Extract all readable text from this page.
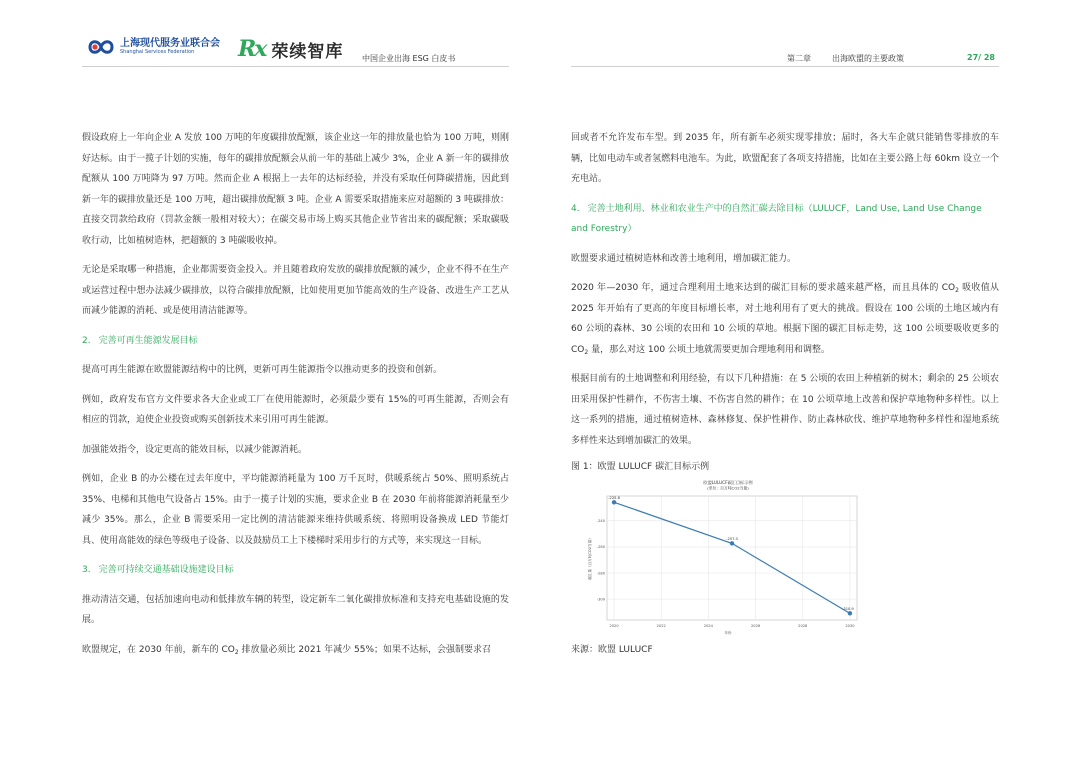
上海现代服务业联合会
Shanghai Services Federation	Rx 荣续智库 中国企业出海 ESG 白皮书	第二章	出海欧盟的主要政策	27/ 28

假设政府上一年向企业 A 发放 100 万吨的年度碳排放配额，该企业这一年的排放量也恰为 100 万吨，则刚好达标。由于一揽子计划的实施，每年的碳排放配额会从前一年的基础上减少 3%，企业 A 新一年的碳排放配额从 100 万吨降为 97 万吨。然而企业 A 根据上一去年的达标经验，并没有采取任何降碳措施，因此到新一年的碳排放量还是 100 万吨，超出碳排放配额 3 吨。企业 A 需要采取措施来应对超额的 3 吨碳排放：直接交罚款给政府（罚款金额一般相对较大）；在碳交易市场上购买其他企业节省出来的碳配额；采取碳吸收行动，比如植树造林，把超额的 3 吨碳吸收掉。

无论是采取哪一种措施，企业都需要资金投入。并且随着政府发放的碳排放配额的减少，企业不得不在生产或运营过程中想办法减少碳排放，以符合碳排放配额，比如使用更加节能高效的生产设备、改进生产工艺从而减少能源的消耗、或是使用清洁能源等。

2. 完善可再生能源发展目标

提高可再生能源在欧盟能源结构中的比例，更新可再生能源指令以推动更多的投资和创新。

例如，政府发布官方文件要求各大企业或工厂在使用能源时，必须最少要有 15%的可再生能源，否则会有相应的罚款，迫使企业投资或购买创新技术来引用可再生能源。

加强能效指令，设定更高的能效目标，以减少能源消耗。

例如，企业 B 的办公楼在过去年度中，平均能源消耗量为 100 万千瓦时，供暖系统占 50%、照明系统占 35%、电梯和其他电气设备占 15%。由于一揽子计划的实施，要求企业 B 在 2030 年前将能源消耗量至少减少 35%。那么，企业 B 需要采用一定比例的清洁能源来维持供暖系统、将照明设备换成 LED 节能灯具、使用高能效的绿色等级电子设备、以及鼓励员工上下楼梯时采用步行的方式等，来实现这一目标。

3. 完善可持续交通基础设施建设目标

推动清洁交通，包括加速向电动和低排放车辆的转型，设定新车二氧化碳排放标准和支持充电基础设施的发展。

欧盟规定，在 2030 年前，新车的 $CO_2$ 排放量必须比 2021 年减少 55%；如果不达标，会强制要求召

回或者不允许发布车型。到 2035 年，所有新车必须实现零排放；届时，各大车企就只能销售零排放的车辆，比如电动车或者氢燃料电池车。为此，欧盟配套了各项支持措施，比如在主要公路上每 60km 设立一个充电站。

4. 完善土地利用、林业和农业生产中的自然汇碳去除目标（LULUCF，Land Use, Land Use Change and Forestry）

欧盟要求通过植树造林和改善土地利用，增加碳汇能力。

2020 年—2030 年，通过合理利用土地来达到的碳汇目标的要求越来越严格，而且具体的 $CO_2$ 吸收值从 2025 年开始有了更高的年度目标增长率，对土地利用有了更大的挑战。假设在 100 公顷的土地区域内有 60 公顷的森林、30 公顷的农田和 10 公顷的草地。根据下图的碳汇目标走势，这 100 公顷要吸收更多的 $CO_2$ 量，那么对这 100 公顷土地就需要更加合理地利用和调整。

根据目前有的土地调整和利用经验，有以下几种措施：在 5 公顷的农田上种植新的树木；剩余的 25 公顷农田采用保护性耕作，不伤害土壤、不伤害自然的耕作；在 10 公顷草地上改善和保护草地物种多样性。以上这一系列的措施，通过植树造林、森林修复、保护性耕作、防止森林砍伐、维护草地物种多样性和湿地系统多样性来达到增加碳汇的效果。

图 1：欧盟 LULUCF 碳汇目标示例
2020	2022	2024	2026	2028	2030
-240
-260
-280
-300
欧盟LULUCF碳汇目标示例
(单位：百万吨CO2当量)
年份
碳汇量（百万吨CO2当量）
-225.8
-257.3
-310.9
来源：欧盟 LULUCF
